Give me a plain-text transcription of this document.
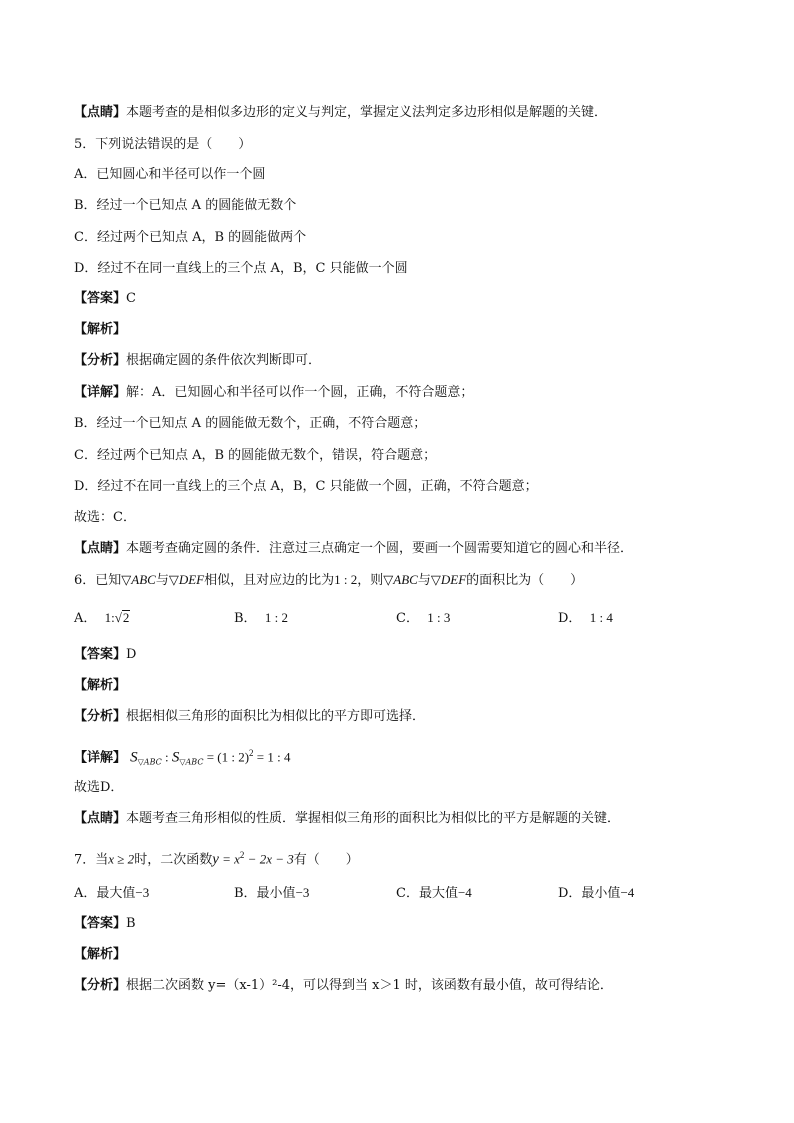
【点睛】本题考查的是相似多边形的定义与判定，掌握定义法判定多边形相似是解题的关键．
5．下列说法错误的是（　　）
A．已知圆心和半径可以作一个圆
B．经过一个已知点 A 的圆能做无数个
C．经过两个已知点 A，B 的圆能做两个
D．经过不在同一直线上的三个点 A，B，C 只能做一个圆
【答案】C
【解析】
【分析】根据确定圆的条件依次判断即可．
【详解】解：A．已知圆心和半径可以作一个圆，正确，不符合题意；
B．经过一个已知点 A 的圆能做无数个，正确，不符合题意；
C．经过两个已知点 A，B 的圆能做无数个，错误，符合题意；
D．经过不在同一直线上的三个点 A，B，C 只能做一个圆，正确，不符合题意；
故选：C．
【点睛】本题考查确定圆的条件．注意过三点确定一个圆，要画一个圆需要知道它的圆心和半径．
6．已知▽ABC与▽DEF相似，且对应边的比为1 : 2，则▽ABC与▽DEF的面积比为（　　）
A． 1:√2	B． 1 : 2	C． 1 : 3	D． 1 : 4
【答案】D
【解析】
【分析】根据相似三角形的面积比为相似比的平方即可选择．
【详解】 $S_{▽ABC}$ : $S_{▽ABC} = (1$ : 2)$^2$ = 1 : 4
故选D．
【点睛】本题考查三角形相似的性质．掌握相似三角形的面积比为相似比的平方是解题的关键．
7．当x ≥ 2时，二次函数$y = x^2 - 2x - 3$有（　　）
A．最大值−3	B．最小值−3	C．最大值−4	D．最小值−4
【答案】B
【解析】
【分析】根据二次函数 y=（x-1）²-4，可以得到当 x＞1 时，该函数有最小值，故可得结论．
